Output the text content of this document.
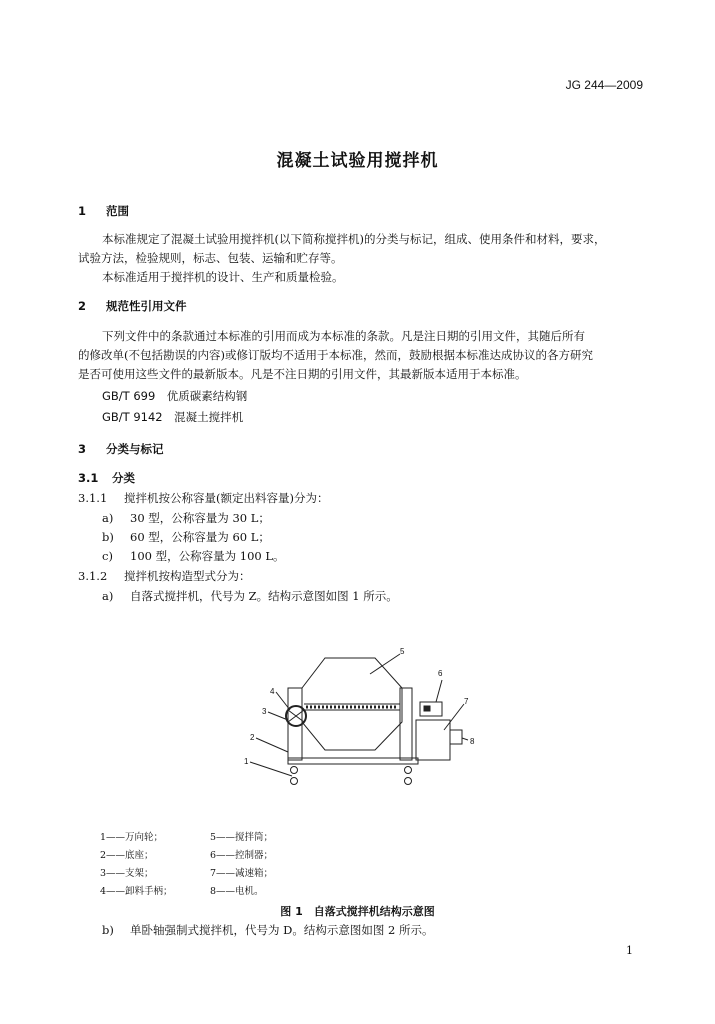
JG 244—2009
混凝土试验用搅拌机
1 范围
本标准规定了混凝土试验用搅拌机(以下简称搅拌机)的分类与标记，组成、使用条件和材料，要求，
试验方法，检验规则，标志、包装、运输和贮存等。
本标准适用于搅拌机的设计、生产和质量检验。
2 规范性引用文件
下列文件中的条款通过本标准的引用而成为本标准的条款。凡是注日期的引用文件，其随后所有
的修改单(不包括勘误的内容)或修订版均不适用于本标准，然而，鼓励根据本标准达成协议的各方研究
是否可使用这些文件的最新版本。凡是不注日期的引用文件，其最新版本适用于本标准。
GB/T 699　优质碳素结构钢
GB/T 9142　混凝土搅拌机
3 分类与标记
3.1 分类
3.1.1 搅拌机按公称容量(额定出料容量)分为：
a) 30 型，公称容量为 30 L；
b) 60 型，公称容量为 60 L；
c) 100 型，公称容量为 100 L。
3.1.2 搅拌机按构造型式分为：
a) 自落式搅拌机，代号为 Z。结构示意图如图 1 所示。
1
2
3
4
5
6
7
8
1——万向轮；
2——底座；
3——支架；
4——卸料手柄；
5——搅拌筒；
6——控制器；
7——减速箱；
8——电机。
图 1　自落式搅拌机结构示意图
b) 单卧轴强制式搅拌机，代号为 D。结构示意图如图 2 所示。
1
